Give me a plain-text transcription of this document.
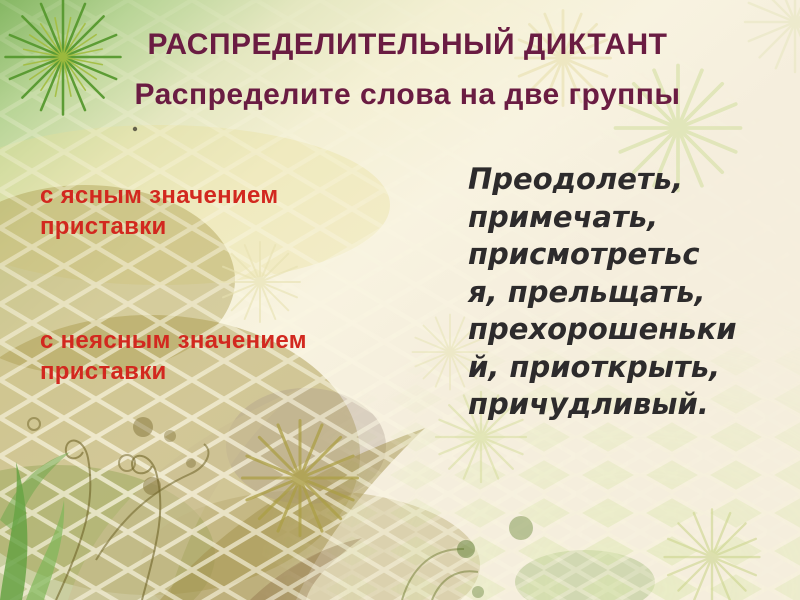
РАСПРЕДЕЛИТЕЛЬНЫЙ ДИКТАНТ
Распределите слова на две группы
с ясным значением
приставки
с неясным значением
приставки
Преодолеть,
примечать,
присмотретьс
я, прельщать,
прехорошеньки
й, приоткрыть,
причудливый.
